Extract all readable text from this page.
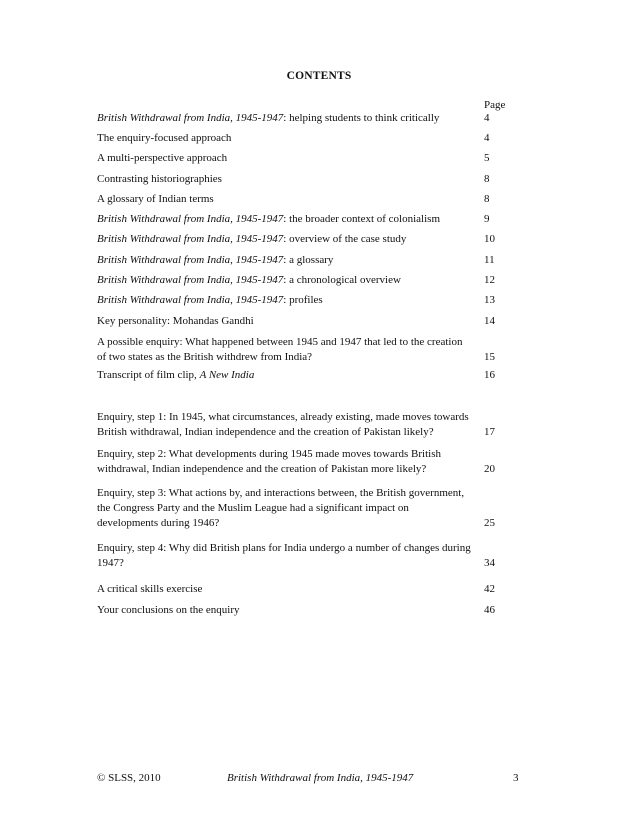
CONTENTS
Page
British Withdrawal from India, 1945-1947: helping students to think critically	4
The enquiry-focused approach	4
A multi-perspective approach	5
Contrasting historiographies	8
A glossary of Indian terms	8
British Withdrawal from India, 1945-1947: the broader context of colonialism	9
British Withdrawal from India, 1945-1947: overview of the case study	10
British Withdrawal from India, 1945-1947: a glossary	11
British Withdrawal from India, 1945-1947: a chronological overview	12
British Withdrawal from India, 1945-1947: profiles	13
Key personality: Mohandas Gandhi	14
A possible enquiry: What happened between 1945 and 1947 that led to the creation of two states as the British withdrew from India?	15
Transcript of film clip, A New India	16
Enquiry, step 1: In 1945, what circumstances, already existing, made moves towards British withdrawal, Indian independence and the creation of Pakistan likely?	17
Enquiry, step 2: What developments during 1945 made moves towards British withdrawal, Indian independence and the creation of Pakistan more likely?	20
Enquiry, step 3: What actions by, and interactions between, the British government, the Congress Party and the Muslim League had a significant impact on developments during 1946?	25
Enquiry, step 4: Why did British plans for India undergo a number of changes during 1947?	34
A critical skills exercise	42
Your conclusions on the enquiry	46
© SLSS, 2010	British Withdrawal from India, 1945-1947	3
